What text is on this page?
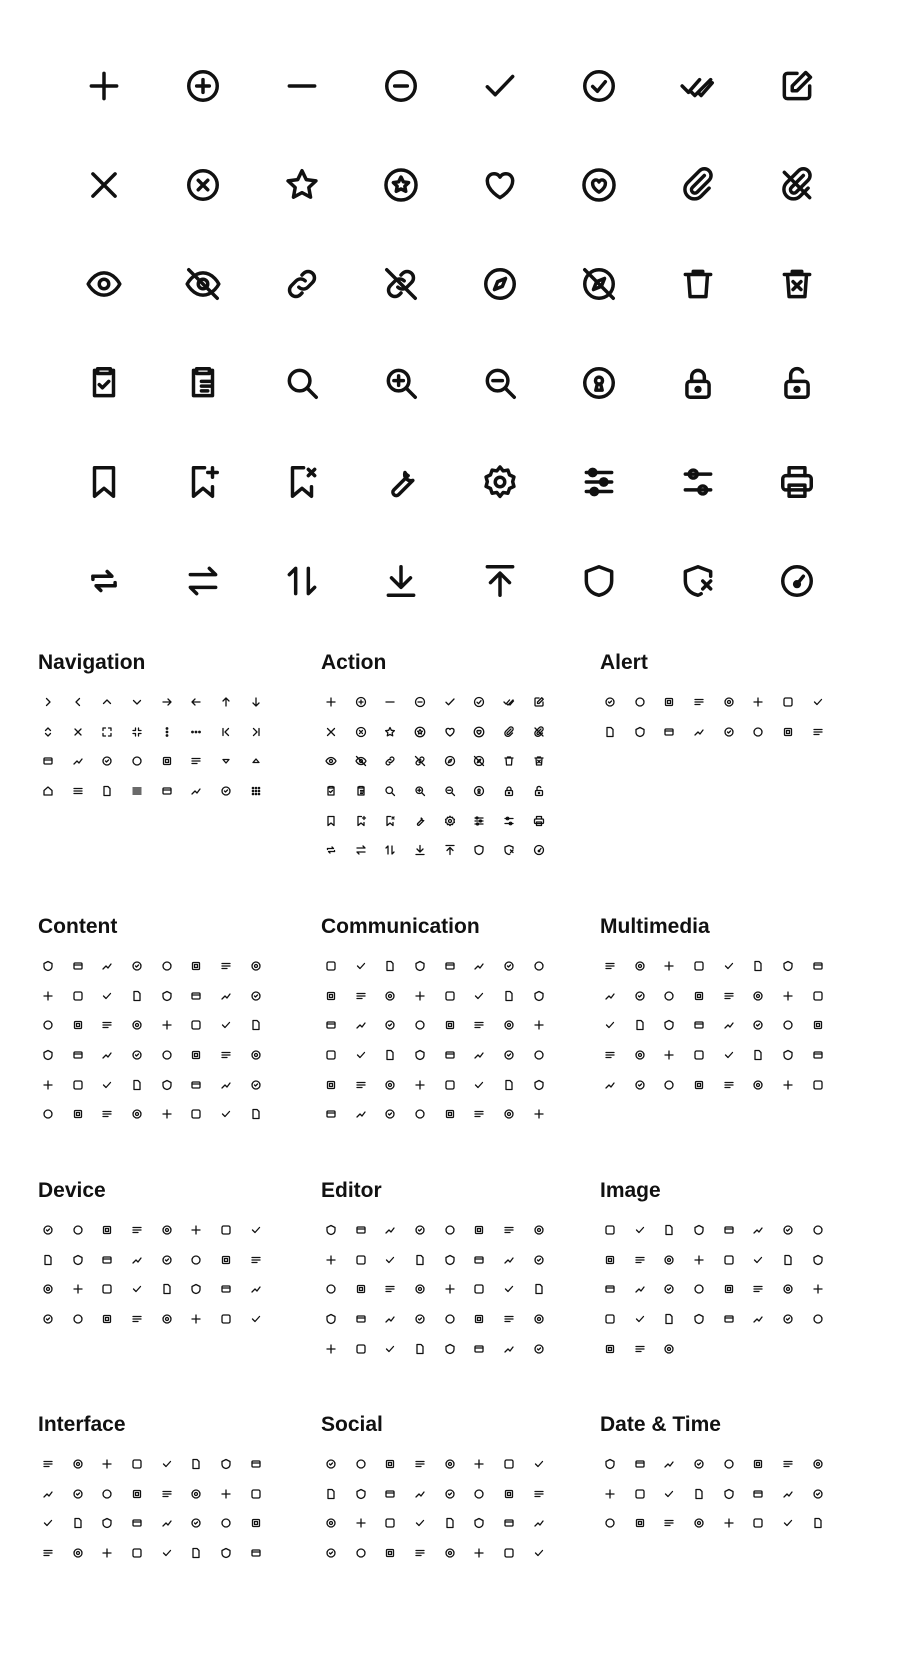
Navigation	Action	Alert
Content	Communication	Multimedia
Device	Editor	Image
Interface	Social	Date & Time
